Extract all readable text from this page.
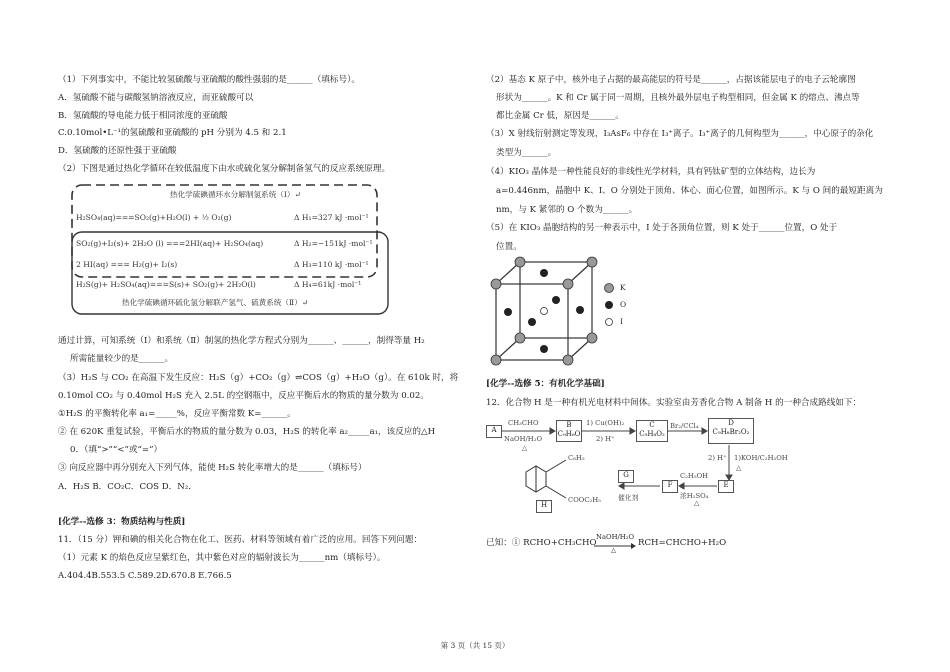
（1）下列事实中，不能比较氢硫酸与亚硫酸的酸性强弱的是______（填标号）。
A．氢硫酸不能与碳酸氢钠溶液反应，而亚硫酸可以
B．氢硫酸的导电能力低于相同浓度的亚硫酸
C.0.10mol•L⁻¹的氢硫酸和亚硫酸的 pH 分别为 4.5 和 2.1
D．氢硫酸的还原性强于亚硫酸
（2）下图是通过热化学循环在较低温度下由水或硫化氢分解制备氢气的反应系统原理。
热化学硫碘循环水分解制氢系统（Ⅰ）↵
H₂SO₄(aq)===SO₂(g)+H₂O(l) + ½ O₂(g)	Δ H₁=327 kJ ·mol⁻¹
SO₂(g)+I₂(s)+ 2H₂O (l) ===2HI(aq)+ H₂SO₄(aq)	Δ H₂=−151kJ ·mol⁻¹
2 HI(aq) === H₂(g)+ I₂(s)	Δ H₃=110 kJ ·mol⁻¹
H₂S(g)+ H₂SO₄(aq)===S(s)+ SO₂(g)+ 2H₂O(l)	Δ H₄=61kJ ·mol⁻¹
热化学硫碘循环硫化氢分解联产氢气、硫黄系统（Ⅱ）↵
通过计算，可知系统（Ⅰ）和系统（Ⅱ）制氢的热化学方程式分别为______、______，制得等量 H₂
所需能量较少的是______。
（3）H₂S 与 CO₂ 在高温下发生反应：H₂S（g）+CO₂（g）⇌COS（g）+H₂O（g）。在 610k 时，将
0.10mol CO₂ 与 0.40mol H₂S 充入 2.5L 的空钢瓶中，反应平衡后水的物质的量分数为 0.02。
①H₂S 的平衡转化率 a₁=_____%，反应平衡常数 K=______。
② 在 620K 重复试验，平衡后水的物质的量分数为 0.03，H₂S 的转化率 a₂_____a₁，该反应的△H
0．（填“>”“<”或“=”）
③ 向反应器中再分别充入下列气体，能使 H₂S 转化率增大的是______（填标号）
A．H₂S B．CO₂C．COS D．N₂．
[化学--选修 3：物质结构与性质]
11．（15 分）钾和碘的相关化合物在化工、医药、材料等领域有着广泛的应用。回答下列问题：
（1）元素 K 的焰色反应呈紫红色，其中紫色对应的辐射波长为______nm（填标号）。
A.404.4B.553.5 C.589.2D.670.8 E.766.5
（2）基态 K 原子中，核外电子占据的最高能层的符号是______，占据该能层电子的电子云轮廓图
形状为______。K 和 Cr 属于同一周期，且核外最外层电子构型相同，但金属 K 的熔点、沸点等
都比金属 Cr 低，原因是______。
（3）X 射线衍射测定等发现，I₃AsF₆ 中存在 I₃⁺离子。I₃⁺离子的几何构型为______，中心原子的杂化
类型为______。
（4）KIO₃ 晶体是一种性能良好的非线性光学材料，具有钙钛矿型的立体结构，边长为
a=0.446nm，晶胞中 K、I、O 分别处于顶角、体心、面心位置，如图所示。K 与 O 间的最短距离为
nm，与 K 紧邻的 O 个数为______。
（5）在 KIO₃ 晶胞结构的另一种表示中，I 处于各顶角位置，则 K 处于______位置，O 处于
位置。
K
O
I
[化学--选修 5：有机化学基础]
12．化合物 H 是一种有机光电材料中间体。实验室由芳香化合物 A 制备 H 的一种合成路线如下：
A
CH₃CHO
NaOH/H₂O
△
B
C₉H₈O
1) Cu(OH)₂
2) H⁺
C
C₉H₈O₂
Br₂/CCl₄	D
C₉H₈Br₂O₂
2) H⁺ 1)KOH/C₂H₅OH
△
E
C₂H₅OH
浓H₂SO₄
△
F
G
催化剂
C₆H₅
COOC₂H₅
H
已知：① RCHO+CH₃CHO
NaOH/H₂O
△
RCH=CHCHO+H₂O
第 3 页（共 15 页）
